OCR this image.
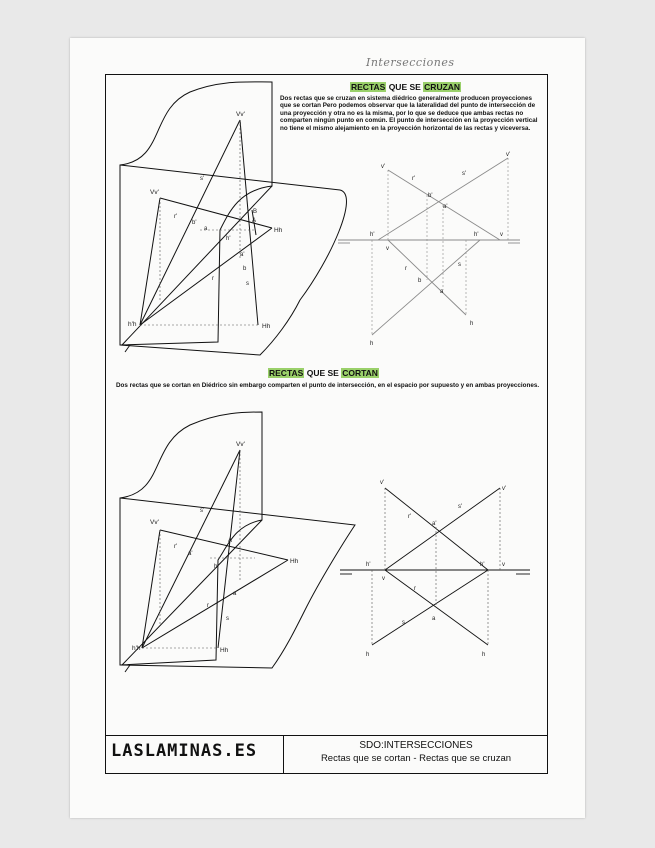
Intersecciones
RECTAS QUE SE CRUZAN
Dos rectas que se cruzan en sistema diédrico generalmente producen proyecciones que se cortan Pero podemos observar que la lateralidad del punto de intersección de una proyección y otra no es la misma, por lo que se deduce que ambas rectas no comparten ningún punto en común. El punto de intersección en la proyección vertical no tiene el mismo alejamiento en la proyección horizontal de las rectas y viceversa.
Vv'
Vv'
s'
r'
b'
a
h'
A
B
Hh
a'
b
r
s
h'h	Hh
v'
v'
r'
s'
b'
a'
h'
v
h'	v
r
s
b
a
h
h
RECTAS QUE SE CORTAN
Dos rectas que se cortan en Diédrico sin embargo comparten el punto de intersección, en el espacio por supuesto y en ambas proyecciones.
Vv'
Vv'
s'
r'
a'
A
h'
Hh
a
r
s
h'h	Hh
v'
v'
r'
s'
a'
h'
v
h'	v
r
a
s
h	h
LASLAMINAS.ES	SDO:INTERSECCIONES
Rectas que se cortan - Rectas que se cruzan
